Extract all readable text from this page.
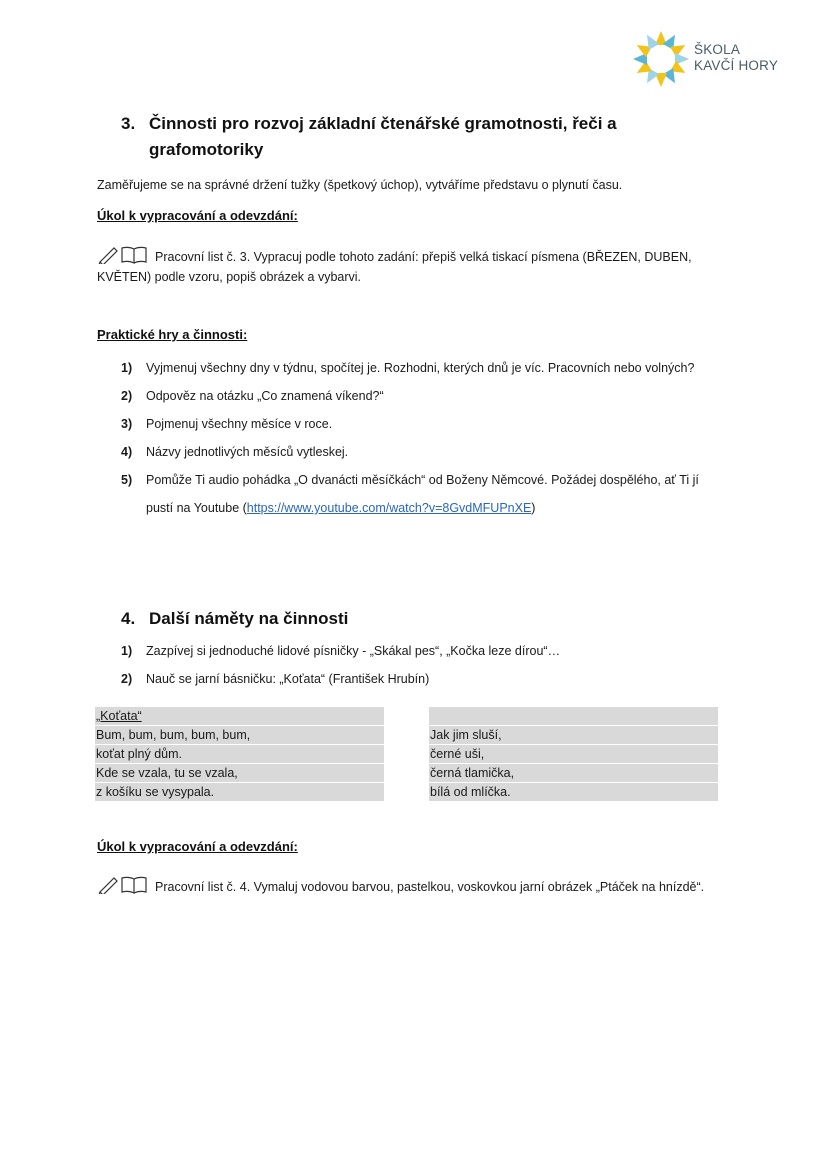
ŠKOLA
KAVČÍ HORY
3. Činnosti pro rozvoj základní čtenářské gramotnosti, řeči a
grafomotoriky
Zaměřujeme se na správné držení tužky (špetkový úchop), vytváříme představu o plynutí času.
Úkol k vypracování a odevzdání:
Pracovní list č. 3. Vypracuj podle tohoto zadání: přepiš velká tiskací písmena (BŘEZEN, DUBEN, KVĚTEN) podle vzoru, popiš obrázek a vybarvi.
Praktické hry a činnosti:
1) Vyjmenuj všechny dny v týdnu, spočítej je. Rozhodni, kterých dnů je víc. Pracovních nebo volných?
2) Odpověz na otázku „Co znamená víkend?“
3) Pojmenuj všechny měsíce v roce.
4) Názvy jednotlivých měsíců vytleskej.
5) Pomůže Ti audio pohádka „O dvanácti měsíčkách“ od Boženy Němcové. Požádej dospělého, ať Ti jí pustí na Youtube (https://www.youtube.com/watch?v=8GvdMFUPnXE)
4. Další náměty na činnosti
1) Zazpívej si jednoduché lidové písničky - „Skákal pes“, „Kočka leze dírou“…
2) Nauč se jarní básničku: „Koťata“ (František Hrubín)
„Koťata“
Bum, bum, bum, bum, bum,
koťat plný dům.
Kde se vzala, tu se vzala,
z košíku se vysypala.
Jak jim sluší,
černé uši,
černá tlamička,
bílá od mlíčka.
Úkol k vypracování a odevzdání:
Pracovní list č. 4. Vymaluj vodovou barvou, pastelkou, voskovkou jarní obrázek „Ptáček na hnízdě“.
